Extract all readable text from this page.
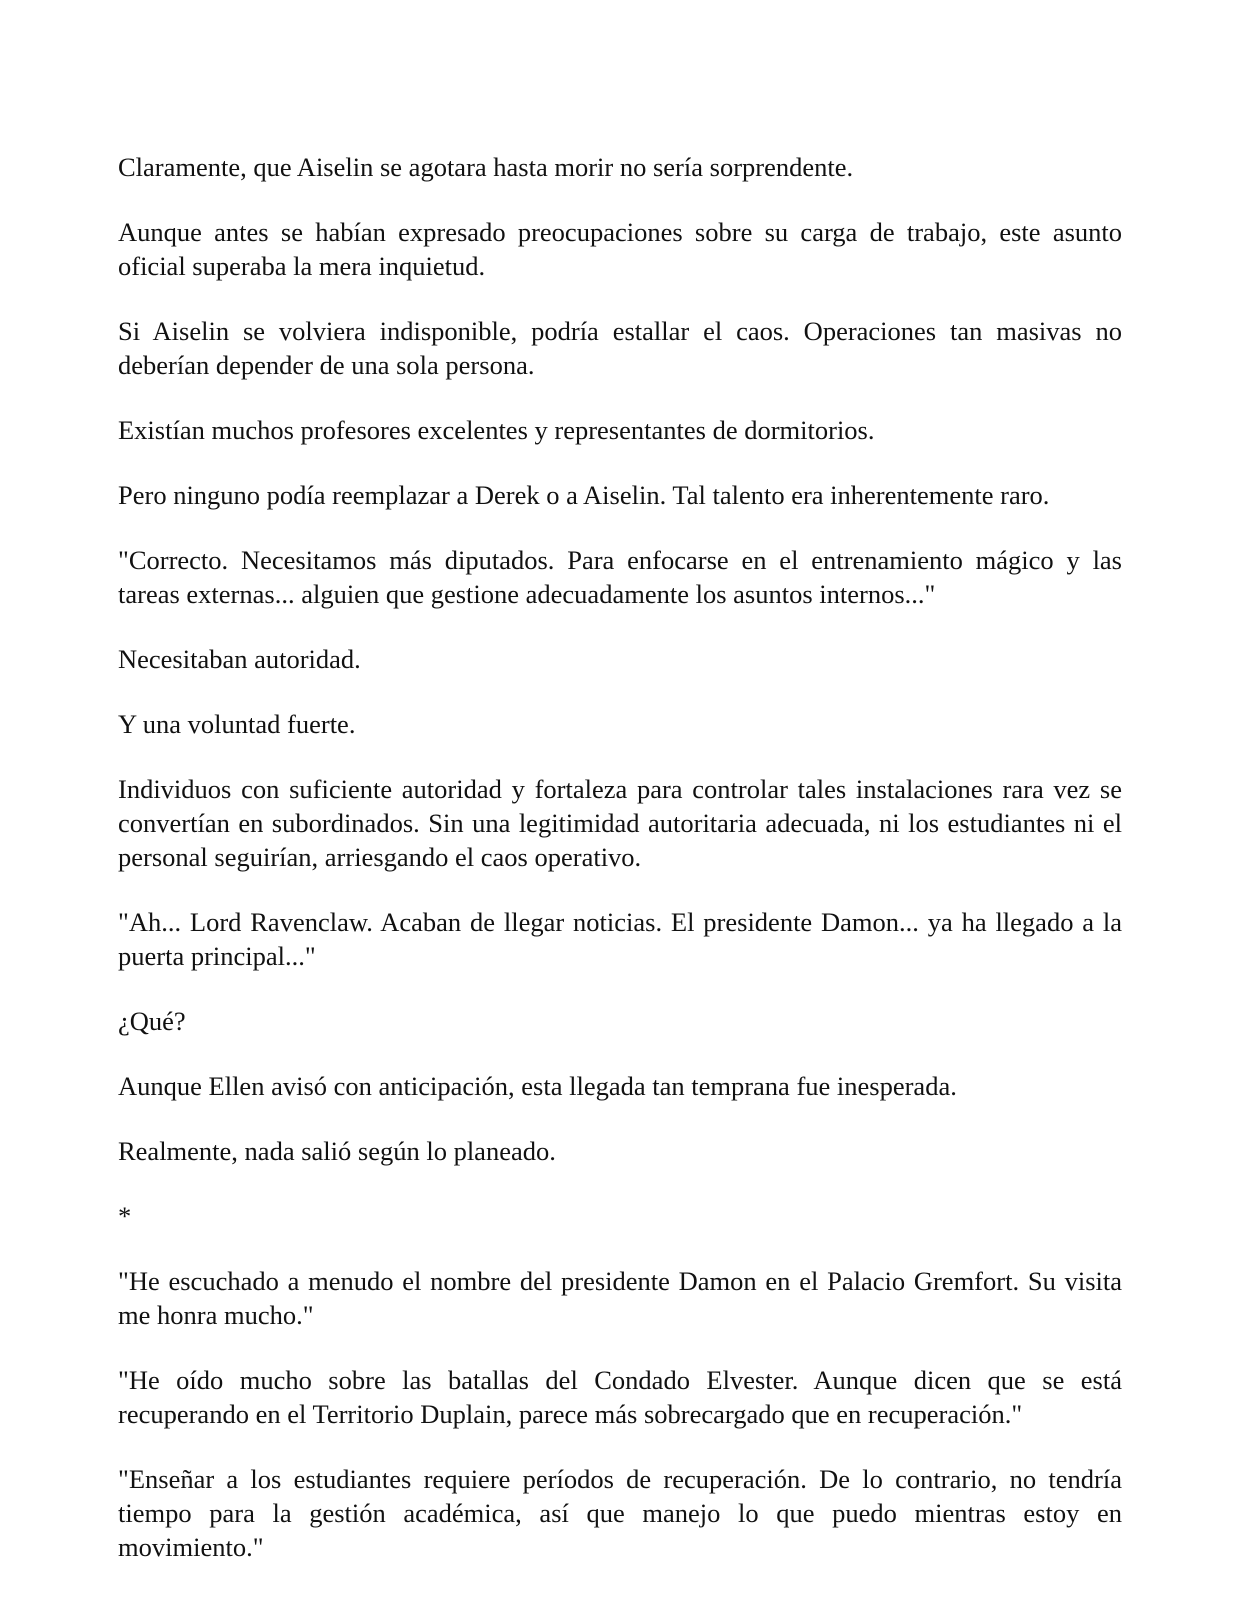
Claramente, que Aiselin se agotara hasta morir no sería sorprendente.

Aunque antes se habían expresado preocupaciones sobre su carga de trabajo, este asunto oficial superaba la mera inquietud.

Si Aiselin se volviera indisponible, podría estallar el caos. Operaciones tan masivas no deberían depender de una sola persona.

Existían muchos profesores excelentes y representantes de dormitorios.

Pero ninguno podía reemplazar a Derek o a Aiselin. Tal talento era inherentemente raro.

"Correcto. Necesitamos más diputados. Para enfocarse en el entrenamiento mágico y las tareas externas... alguien que gestione adecuadamente los asuntos internos..."

Necesitaban autoridad.

Y una voluntad fuerte.

Individuos con suficiente autoridad y fortaleza para controlar tales instalaciones rara vez se convertían en subordinados. Sin una legitimidad autoritaria adecuada, ni los estudiantes ni el personal seguirían, arriesgando el caos operativo.

"Ah... Lord Ravenclaw. Acaban de llegar noticias. El presidente Damon... ya ha llegado a la puerta principal..."

¿Qué?

Aunque Ellen avisó con anticipación, esta llegada tan temprana fue inesperada.

Realmente, nada salió según lo planeado.

*

"He escuchado a menudo el nombre del presidente Damon en el Palacio Gremfort. Su visita me honra mucho."

"He oído mucho sobre las batallas del Condado Elvester. Aunque dicen que se está recuperando en el Territorio Duplain, parece más sobrecargado que en recuperación."

"Enseñar a los estudiantes requiere períodos de recuperación. De lo contrario, no tendría tiempo para la gestión académica, así que manejo lo que puedo mientras estoy en movimiento."
